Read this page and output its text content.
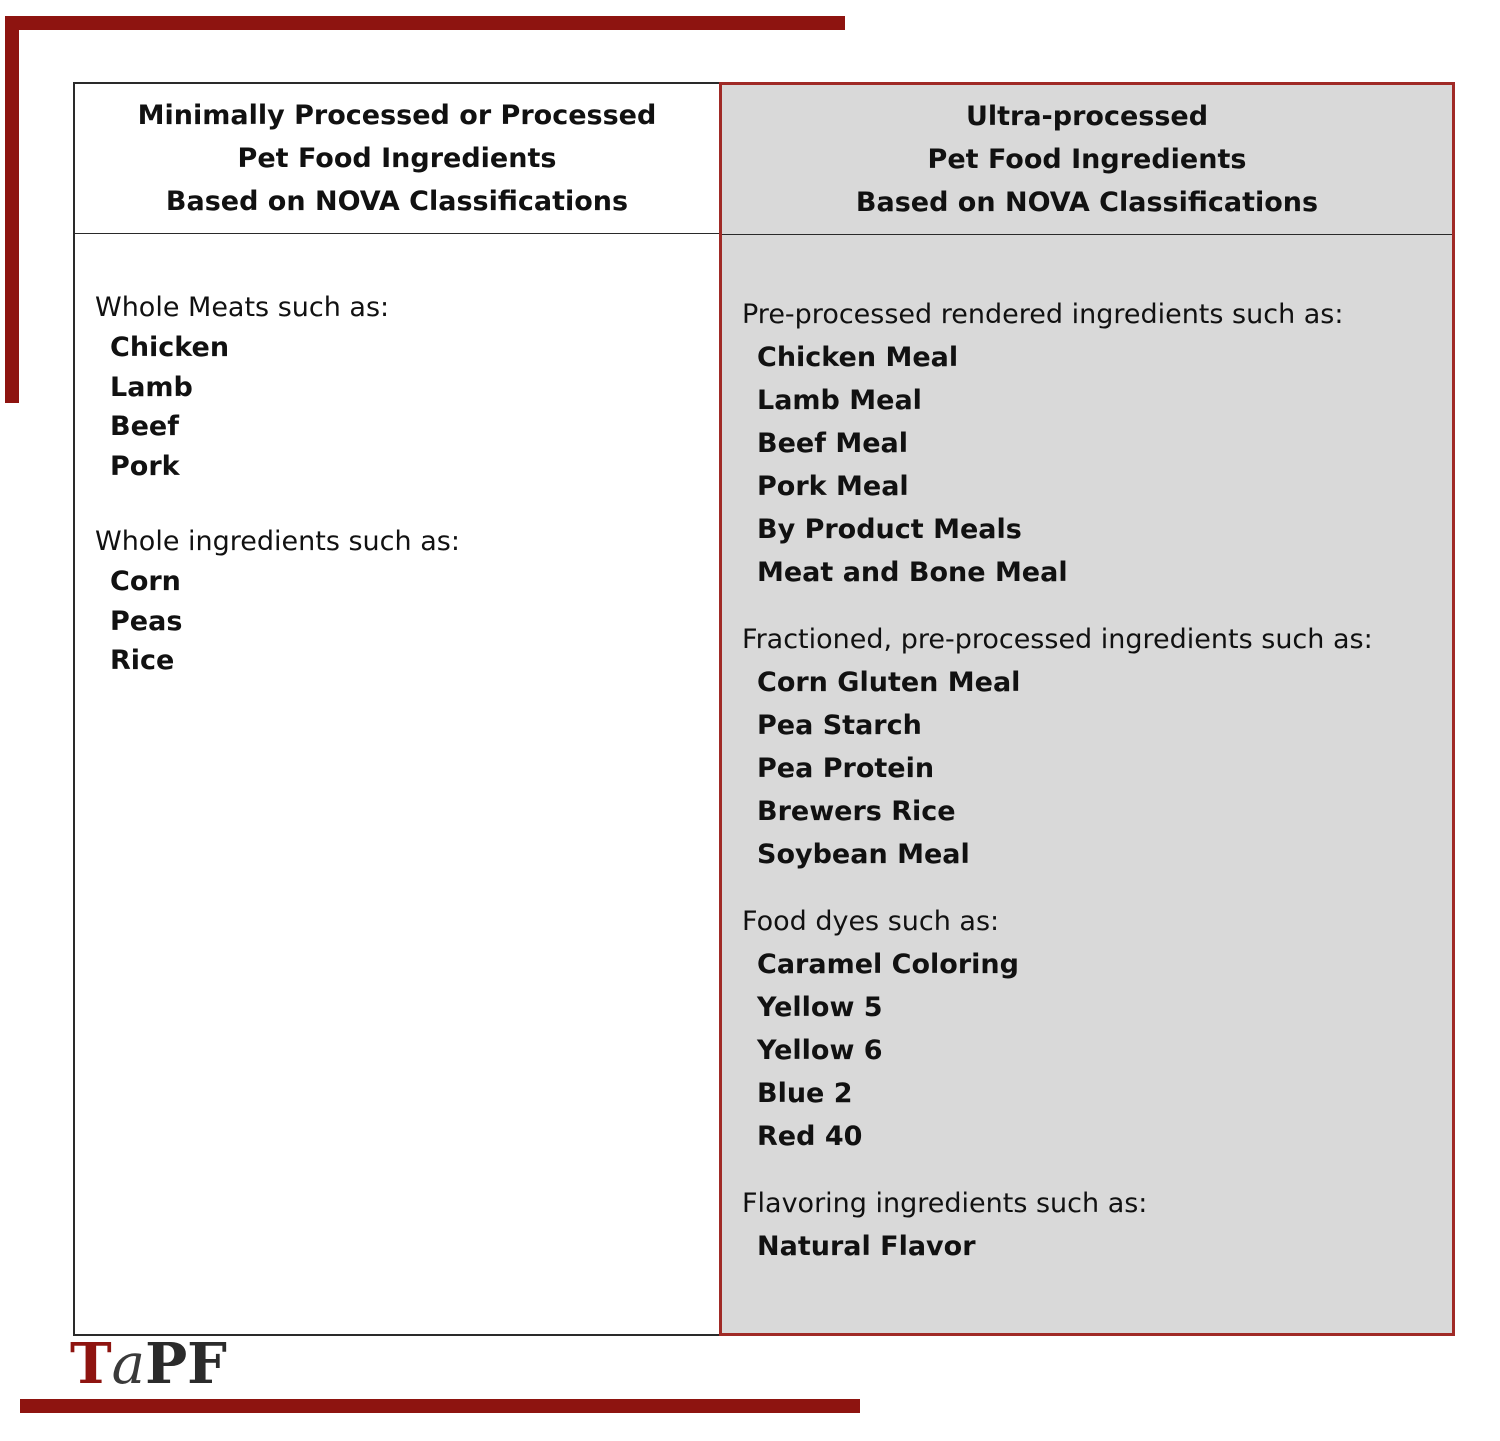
Minimally Processed or Processed
Pet Food Ingredients
Based on NOVA Classifications
Whole Meats such as:
Chicken
Lamb
Beef
Pork
Whole ingredients such as:
Corn
Peas
Rice
Ultra-processed
Pet Food Ingredients
Based on NOVA Classifications
Pre-processed rendered ingredients such as:
Chicken Meal
Lamb Meal
Beef Meal
Pork Meal
By Product Meals
Meat and Bone Meal
Fractioned, pre-processed ingredients such as:
Corn Gluten Meal
Pea Starch
Pea Protein
Brewers Rice
Soybean Meal
Food dyes such as:
Caramel Coloring
Yellow 5
Yellow 6
Blue 2
Red 40
Flavoring ingredients such as:
Natural Flavor
TaPF
